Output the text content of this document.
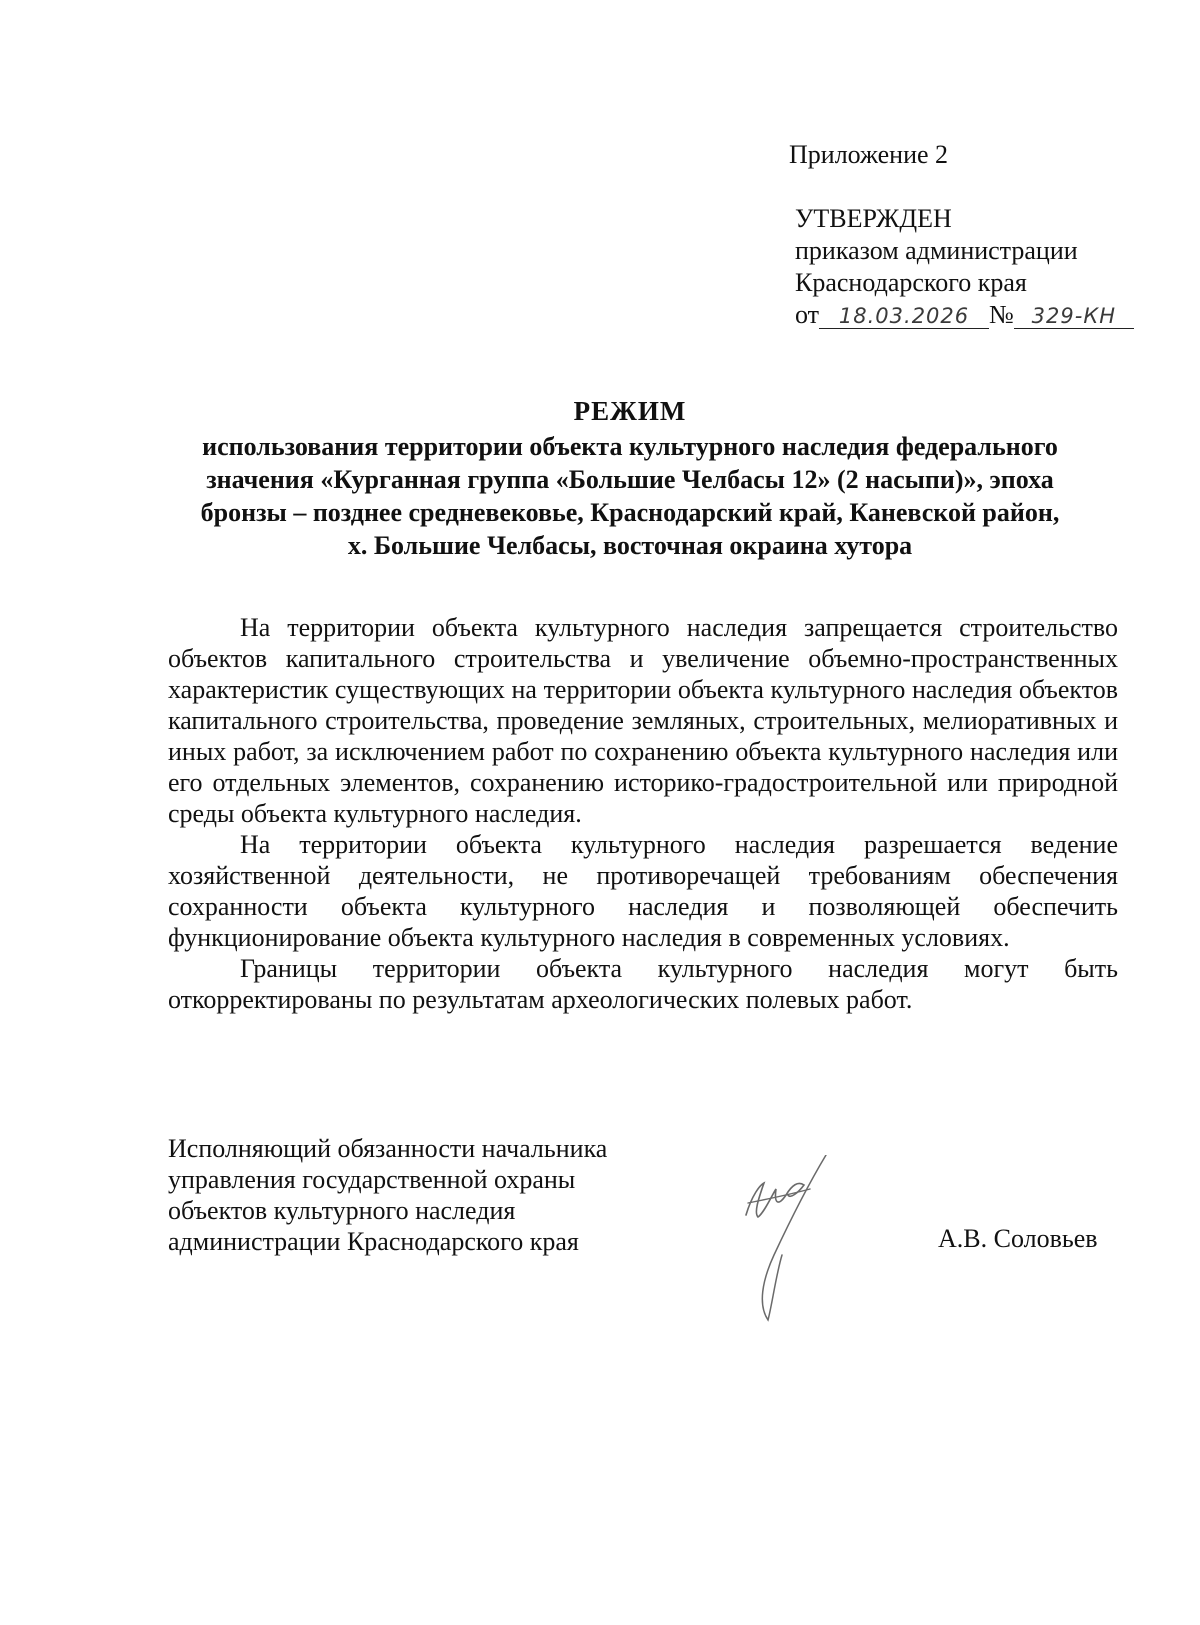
Приложение 2
УТВЕРЖДЕН
приказом администрации
Краснодарского края
от 18.03.2026 № 329-КН
РЕЖИМ
использования территории объекта культурного наследия федерального
значения «Курганная группа «Большие Челбасы 12» (2 насыпи)», эпоха
бронзы – позднее средневековье, Краснодарский край, Каневской район,
х. Большие Челбасы, восточная окраина хутора

На территории объекта культурного наследия запрещается строительство объектов капитального строительства и увеличение объемно-пространственных характеристик существующих на территории объекта культурного наследия объектов капитального строительства, проведение земляных, строительных, мелиоративных и иных работ, за исключением работ по сохранению объекта культурного наследия или его отдельных элементов, сохранению историко-градостроительной или природной среды объекта культурного наследия.

На территории объекта культурного наследия разрешается ведение хозяйственной деятельности, не противоречащей требованиям обеспечения сохранности объекта культурного наследия и позволяющей обеспечить функционирование объекта культурного наследия в современных условиях.

Границы территории объекта культурного наследия могут быть откорректированы по результатам археологических полевых работ.

Исполняющий обязанности начальника
управления государственной охраны
объектов культурного наследия
администрации Краснодарского края	А.В. Соловьев
